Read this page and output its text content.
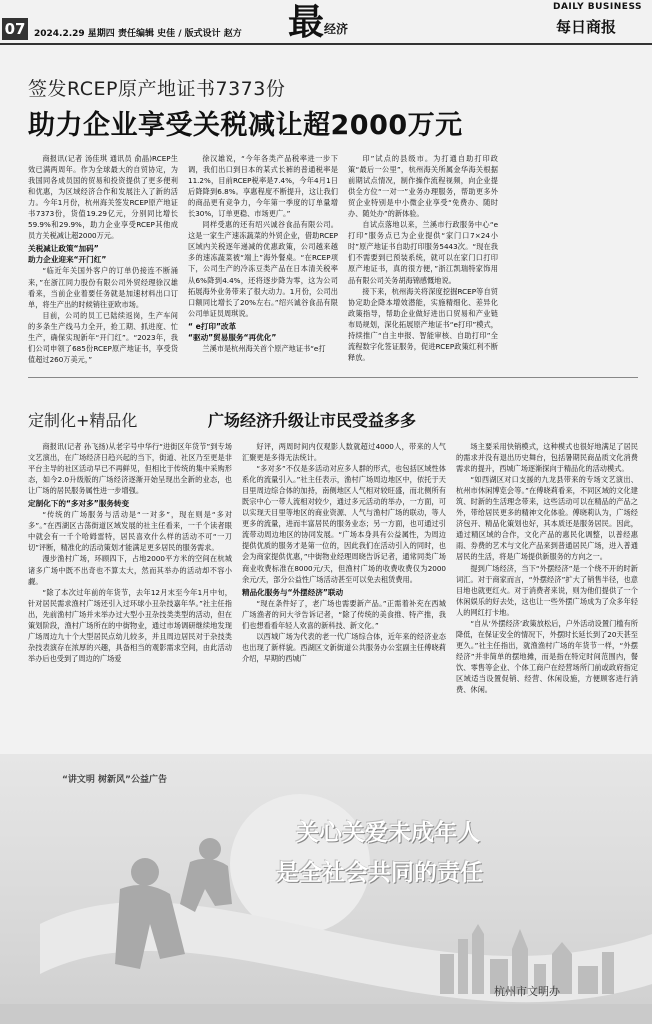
07 2024.2.29 星期四 责任编辑 史佳 / 版式设计 赵方 最 经济
DAILY BUSINESS
每日商报
签发RCEP原产地证书7373份
助力企业享受关税减让超2000万元

商报讯(记者 汤佳琪 通讯员 俞晶)RCEP生效已满两周年。作为全球最大的自贸协定，为我国同各成员国的贸易和投资提供了更多便利和优惠，为区域经济合作和发展注入了新的活力。今年1月份，杭州海关签发RCEP原产地证书7373份，货值19.29亿元，分别同比增长59.9%和29.9%，助力企业享受RCEP其他成员方关税减让超2000万元。

关税减让政策“加码”

助力企业迎来“开门红”

“临近年关国外客户的订单仍接连不断涌来，”在浙江同力股份有限公司外贸经理徐汉雄看来，当前企业着要任务就是加速材料出口订单，将生产出的时候销往亚欧市场。

目前，公司的员工已陆续返岗，生产车间的多条生产线马力全开，抢工期、抓进度、忙生产，确保实现新年“开门红”。“2023年，我们公司申领了685份RCEP原产地证书，享受货值超过260万美元，”

徐汉雄说，“今年各类产品税率进一步下调，我们出口到日本的某式长裤的普通税率是11.2%，目前RCEP税率是7.4%，今年4月1日后降降到6.8%。享惠程度不断提升，这让我们的商品更有竞争力，今年第一季度的订单量增长30%，订单更稳、市场更广。”

同样受惠的还有绍兴诚谷食品有限公司。这是一家生产速冻蔬菜的外贸企业，借助RCEP区域内关税逐年递减的优惠政策，公司越来越多的速冻蔬菜被“端上”海外餐桌。“在RCEP项下，公司生产的冷冻豆类产品在日本清关税率从6%降到4.4%，还将逐步降为零，这为公司拓展海外业务带来了很大动力。1月份，公司出口额同比增长了20%左右。”绍兴诚谷食品有限公司单证员周琪说。

“ e打印”改革

“驱动”贸易服务“再优化”

兰溪市是杭州海关首个原产地证书“e打

印”试点的县级市。为打通自助打印政策“最后一公里”，杭州海关所属金华海关根据前期试点情况，制作操作流程视频，向企业提供全方位“一对一”业务办理服务，帮助更多外贸企业特别是中小微企业享受“免费办、随时办、随处办”的新体验。

自试点落地以来，兰溪市行政服务中心“e打印”服务点已为企业提供“家门口7×24小时”原产地证书自助打印服务5443次。“现在我们不需要到已预装系统，就可以在家门口打印原产地证书，真的很方便，”浙江凯瑞特家饰用品有限公司关务胡海锦感慨地说。

接下来，杭州海关将深度挖掘RCEP等自贸协定助企降本增效潜能，实施精细化、差异化政策指导，帮助企业做好进出口贸易和产业链布局规划，深化拓展原产地证书“e打印”模式，持续推广“自主申报、智能审核、自助打印”全流程数字化签证服务，促进RCEP政策红利不断释放。

定制化+精品化	广场经济升级让市民受益多多

商报讯(记者 孙飞扬)从老字号中华行“进街区年货节”到专场文艺演出，在广场经济日趋兴起的当下，街道、社区乃至更是非平台主导的社区活动早已不再鲜见，但相比于传统的集中采购形态，如今2.0升级版的广场经济逐渐开始呈现出全新的业态，也让广场的居民服务属性进一步增强。

定制化下的“多对多”服务转变

“传统的广场服务与活动是“一对多”，现在则是“多对多”。”在西湖区古荡街道区域发展的社主任看来，一千个读者眼中就会有一千个哈姆雷特，居民喜欢什么样的活动不可“一刀切”评断，精准化的活动策划才能满足更多居民的服务需求。

漫步渔村广场，环顾四下，占地2000平方米的空间在杭城诸多广场中既不出奇也不算太大，然而其举办的活动却不容小觑。

“除了本次过年前的年货节，去年12月末至今年1月中旬，针对居民需求渔村广场还引入过环球小丑杂技嘉年华。”社主任指出，先前渔村广场并未举办过大型小丑杂技类类型的活动，但在策划阶段，渔村广场所在的中街物业，通过市场调研继续地发现广场周边九十个大型居民点幼儿较多，并且周边居民对于杂技类杂技表演存在浓厚的兴趣，具备相当的观影需求空间，由此活动举办后也受到了周边的广场爱

好评，两周时间内仅观影人数就超过4000人，带来的人气汇聚更是多得无法统计。

“多对多”不仅是多活动对应多人群的形式，也包括区域性体系化的流量引入。”社主任表示，渔村广场周边地区中，依托于天目里周边综合体的加持，南侧地区人气相对较旺盛，而北侧所有既宗中心一带人流相对较少，通过多元活动的举办，一方面，可以实现天目里等地区的商业资源、人气与渔村广场的联动，等人更多的流量，进而丰富居民的服务业态；另一方面，也可通过引流带动周边地区的协同发展。“广场本身具有公益属性，为周边提供优质的服务才是第一位的，因此我们在活动引入的同时，也会为商家提供优惠，”中街物业经理周晓告诉记者，通常同类广场商业收费标准在8000元/天，但渔村广场的收费收费仅为2000余元/天，部分公益性广场活动甚至可以免去租赁费用。

精品化服务与“外摆经济”联动

“现在条件好了，老广场也需要新产品。”正需着补充在西城广场渔者的问大爷告诉记者，“除了传统的美食推、特产推，我们也想看看年轻人欢喜的新科技、新文化。”

以西城广场为代表的老一代广场综合体，近年来的经济业态也出现了新样貌。西湖区文新街道公共服务办公室副主任傅晓莉介绍，早期的西城广

场主要采用快销模式，这种模式也很好地满足了居民的需求并没有退出历史舞台，包括暑期民商品质文化消费需求的提升，西城广场逐渐探向于精品化的活动模式。

“如西湖区对口支援的九龙县带来的专场文艺演出、杭州市休闲博览会等。”在傅晓莉看来，不同区域的文化建筑、时新的生活理念带来，这些活动可以在精品的产品之外，带给居民更多的精神文化体验。傅晓莉认为，广场经济包开、精品化策划也好，其本质还是服务居民。因此，通过精区域的合作，文化产品的惠民化调整，以普经惠雨、券费的艺术与文化产品来到普通居民广场，进入普通居民的生活，将是广场提供新服务的方向之一。

提到广场经济，当下“外摆经济”是一个绕不开的时新词汇。对于商家而言，“外摆经济”扩大了销售半径，也意目地也就更红火。对于消费者来说，则为他们提供了一个休闲娱乐的好去处，这也让一些外摆广场成为了众多年轻人的网红打卡地。

“自从‘外摆经济’政策放松后，户外活动设置门槛有所降低，在保证安全的情况下，外摆时长延长到了20天甚至更久。”社主任指出，就渔渔村广场的年货节一样，“外摆经济”并非简单的摆地摊，而是指在特定时间范围内，餐饮、零售等企业、个体工商户在经营场所门前或政府指定区域适当设置促销、经营、休闲设施，方便顾客进行消费、休闲。

“讲文明 树新风”公益广告
关心关爱未成年人
是全社会共同的责任
杭州市文明办
